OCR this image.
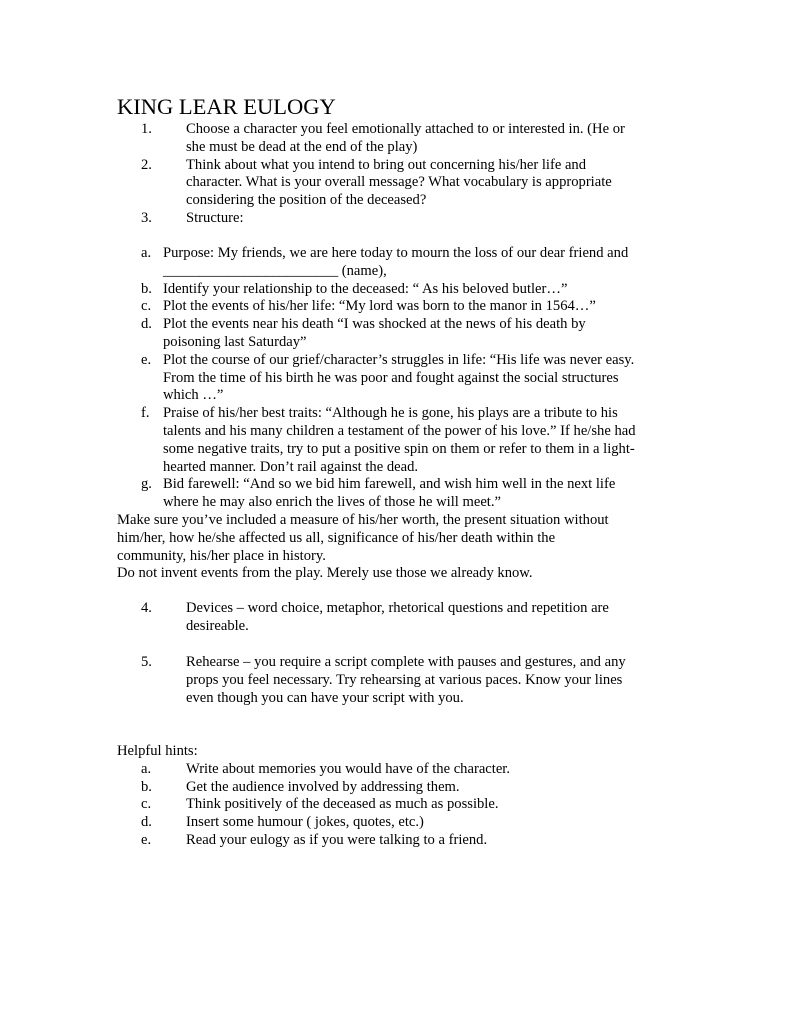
KING LEAR EULOGY
1. Choose a character you feel emotionally attached to or interested in. (He or
she must be dead at the end of the play)
2. Think about what you intend to bring out concerning his/her life and
character. What is your overall message? What vocabulary is appropriate
considering the position of the deceased?
3. Structure:
a. Purpose: My friends, we are here today to mourn the loss of our dear friend and
________________________ (name),
b. Identify your relationship to the deceased: “ As his beloved butler…”
c. Plot the events of his/her life: “My lord was born to the manor in 1564…”
d. Plot the events near his death “I was shocked at the news of his death by
poisoning last Saturday”
e. Plot the course of our grief/character’s struggles in life: “His life was never easy.
From the time of his birth he was poor and fought against the social structures
which …”
f. Praise of his/her best traits: “Although he is gone, his plays are a tribute to his
talents and his many children a testament of the power of his love.” If he/she had
some negative traits, try to put a positive spin on them or refer to them in a light-
hearted manner. Don’t rail against the dead.
g. Bid farewell: “And so we bid him farewell, and wish him well in the next life
where he may also enrich the lives of those he will meet.”
Make sure you’ve included a measure of his/her worth, the present situation without
him/her, how he/she affected us all, significance of his/her death within the
community, his/her place in history.
Do not invent events from the play. Merely use those we already know.
4. Devices – word choice, metaphor, rhetorical questions and repetition are
desireable.
5. Rehearse – you require a script complete with pauses and gestures, and any
props you feel necessary. Try rehearsing at various paces. Know your lines
even though you can have your script with you.
Helpful hints:
a. Write about memories you would have of the character.
b. Get the audience involved by addressing them.
c. Think positively of the deceased as much as possible.
d. Insert some humour ( jokes, quotes, etc.)
e. Read your eulogy as if you were talking to a friend.
